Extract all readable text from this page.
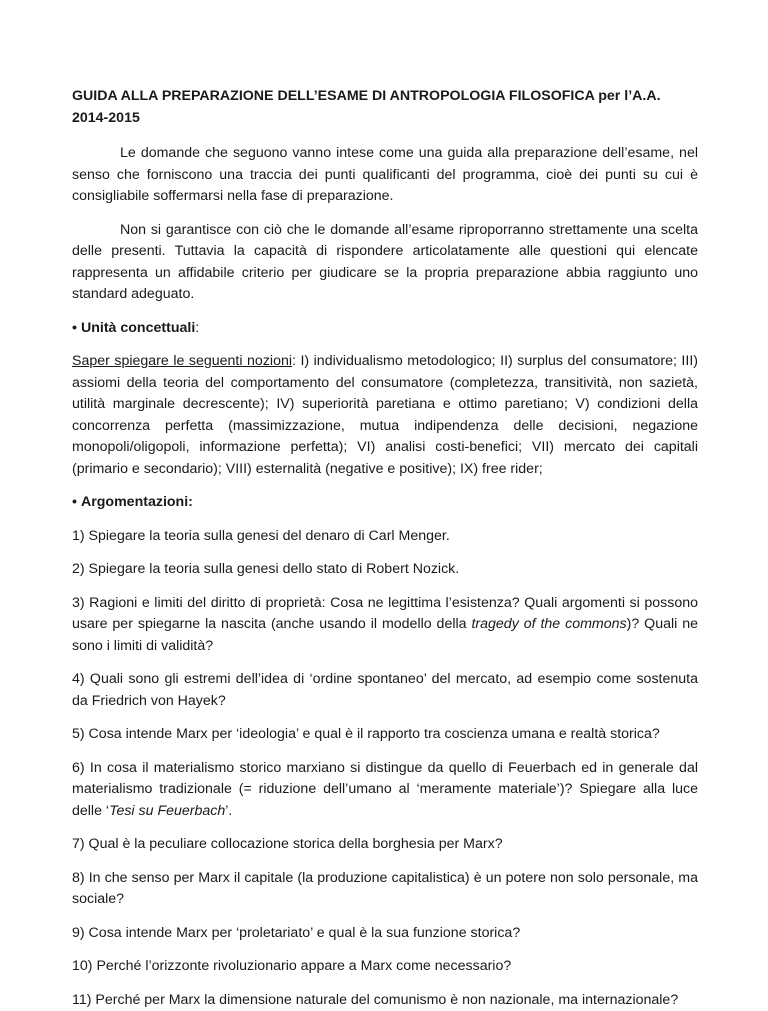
GUIDA ALLA PREPARAZIONE DELL’ESAME DI ANTROPOLOGIA FILOSOFICA per l’A.A. 2014-2015

Le domande che seguono vanno intese come una guida alla preparazione dell’esame, nel senso che forniscono una traccia dei punti qualificanti del programma, cioè dei punti su cui è consigliabile soffermarsi nella fase di preparazione.

Non si garantisce con ciò che le domande all’esame riproporranno strettamente una scelta delle presenti. Tuttavia la capacità di rispondere articolatamente alle questioni qui elencate rappresenta un affidabile criterio per giudicare se la propria preparazione abbia raggiunto uno standard adeguato.

• Unità concettuali:

Saper spiegare le seguenti nozioni: I) individualismo metodologico; II) surplus del consumatore; III) assiomi della teoria del comportamento del consumatore (completezza, transitività, non sazietà, utilità marginale decrescente); IV) superiorità paretiana e ottimo paretiano; V) condizioni della concorrenza perfetta (massimizzazione, mutua indipendenza delle decisioni, negazione monopoli/oligopoli, informazione perfetta); VI) analisi costi-benefici; VII) mercato dei capitali (primario e secondario); VIII) esternalità (negative e positive); IX) free rider;

• Argomentazioni:

1) Spiegare la teoria sulla genesi del denaro di Carl Menger.

2) Spiegare la teoria sulla genesi dello stato di Robert Nozick.

3) Ragioni e limiti del diritto di proprietà: Cosa ne legittima l’esistenza? Quali argomenti si possono usare per spiegarne la nascita (anche usando il modello della tragedy of the commons)? Quali ne sono i limiti di validità?

4) Quali sono gli estremi dell’idea di ‘ordine spontaneo’ del mercato, ad esempio come sostenuta da Friedrich von Hayek?

5) Cosa intende Marx per ‘ideologia’ e qual è il rapporto tra coscienza umana e realtà storica?

6) In cosa il materialismo storico marxiano si distingue da quello di Feuerbach ed in generale dal materialismo tradizionale (= riduzione dell’umano al ‘meramente materiale’)? Spiegare alla luce delle ‘Tesi su Feuerbach’.

7) Qual è la peculiare collocazione storica della borghesia per Marx?

8) In che senso per Marx il capitale (la produzione capitalistica) è un potere non solo personale, ma sociale?

9) Cosa intende Marx per ‘proletariato’ e qual è la sua funzione storica?

10) Perché l’orizzonte rivoluzionario appare a Marx come necessario?

11) Perché per Marx la dimensione naturale del comunismo è non nazionale, ma internazionale?
